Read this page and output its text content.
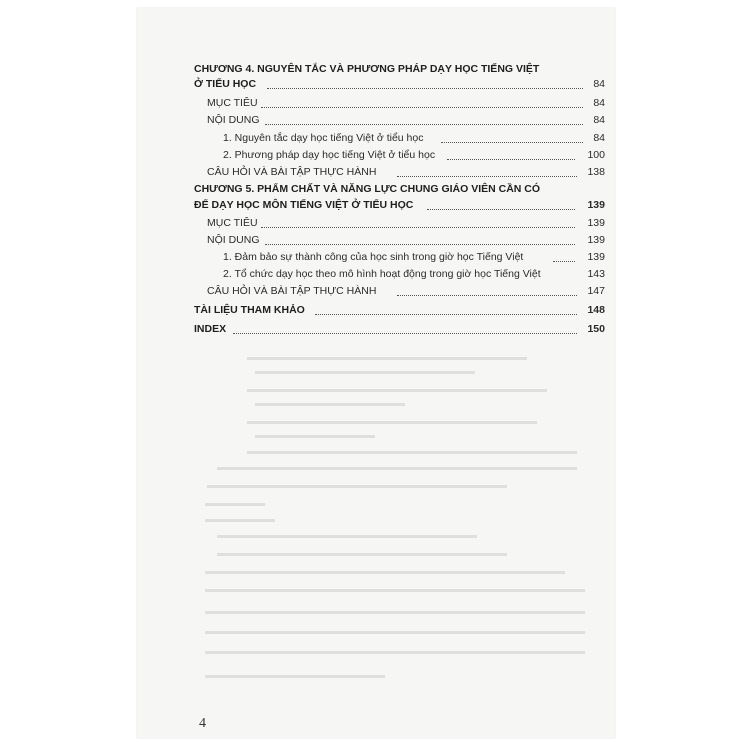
CHƯƠNG 4. NGUYÊN TẮC VÀ PHƯƠNG PHÁP DẠY HỌC TIẾNG VIỆT
Ở TIỂU HỌC	84
MỤC TIÊU	84
NỘI DUNG	84
1. Nguyên tắc dạy học tiếng Việt ở tiểu học	84
2. Phương pháp dạy học tiếng Việt ở tiểu học	100
CÂU HỎI VÀ BÀI TẬP THỰC HÀNH	138
CHƯƠNG 5. PHẨM CHẤT VÀ NĂNG LỰC CHUNG GIÁO VIÊN CẦN CÓ
ĐỂ DẠY HỌC MÔN TIẾNG VIỆT Ở TIỂU HỌC	139
MỤC TIÊU	139
NỘI DUNG	139
1. Đảm bảo sự thành công của học sinh trong giờ học Tiếng Việt	139
2. Tổ chức dạy học theo mô hình hoạt động trong giờ học Tiếng Việt	143
CÂU HỎI VÀ BÀI TẬP THỰC HÀNH	147
TÀI LIỆU THAM KHẢO	148
INDEX	150
4
